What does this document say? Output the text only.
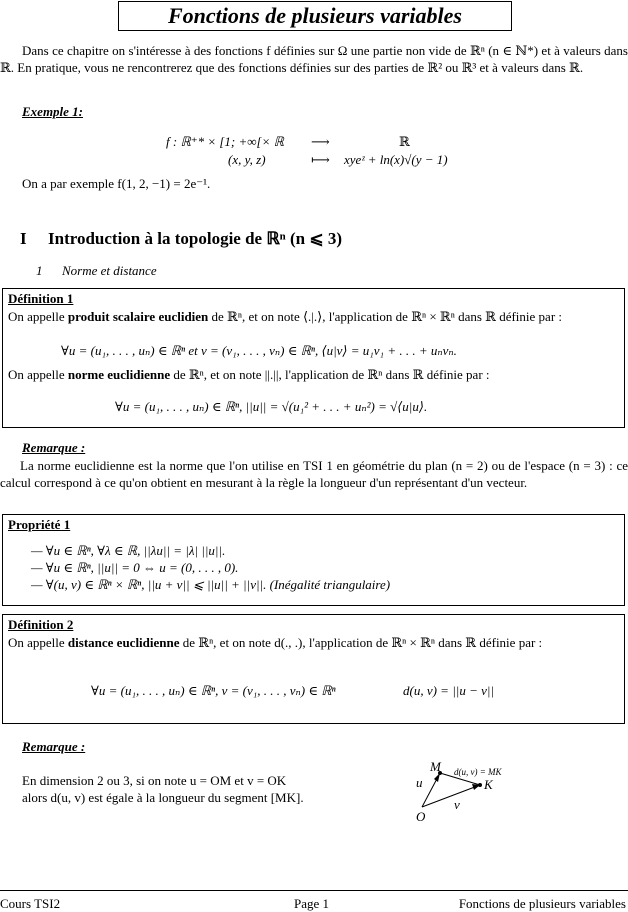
Fonctions de plusieurs variables
Dans ce chapitre on s'intéresse à des fonctions f définies sur Ω une partie non vide de ℝⁿ (n ∈ ℕ*) et à valeurs dans ℝ. En pratique, vous ne rencontrerez que des fonctions définies sur des parties de ℝ² ou ℝ³ et à valeurs dans ℝ.
Exemple 1:
f : ℝ⁺* × [1; +∞[× ℝ ⟶	ℝ
(x, y, z)	⟼ xyeᶻ + ln(x)√(y − 1)
On a par exemple f(1, 2, −1) = 2e⁻¹.
I Introduction à la topologie de ℝⁿ (n ⩽ 3)
1 Norme et distance
Définition 1
On appelle produit scalaire euclidien de ℝⁿ, et on note ⟨.|.⟩, l'application de ℝⁿ × ℝⁿ dans ℝ définie par :
∀u = (u₁, . . . , uₙ) ∈ ℝⁿ et v = (v₁, . . . , vₙ) ∈ ℝⁿ, ⟨u|v⟩ = u₁v₁ + . . . + uₙvₙ.
On appelle norme euclidienne de ℝⁿ, et on note ||.||, l'application de ℝⁿ dans ℝ définie par :
∀u = (u₁, . . . , uₙ) ∈ ℝⁿ, ||u|| = √(u₁² + . . . + uₙ²) = √⟨u|u⟩.
Remarque :
La norme euclidienne est la norme que l'on utilise en TSI 1 en géométrie du plan (n = 2) ou de l'espace (n = 3) : ce calcul correspond à ce qu'on obtient en mesurant à la règle la longueur d'un représentant d'un vecteur.
Propriété 1
— ∀u ∈ ℝⁿ, ∀λ ∈ ℝ, ||λu|| = |λ| ||u||.
— ∀u ∈ ℝⁿ, ||u|| = 0 ⇔ u = (0, . . . , 0).
— ∀(u, v) ∈ ℝⁿ × ℝⁿ, ||u + v|| ⩽ ||u|| + ||v||. (Inégalité triangulaire)
Définition 2
On appelle distance euclidienne de ℝⁿ, et on note d(., .), l'application de ℝⁿ × ℝⁿ dans ℝ définie par :
∀u = (u₁, . . . , uₙ) ∈ ℝⁿ, v = (v₁, . . . , vₙ) ∈ ℝⁿ	d(u, v) = ||u − v||
Remarque :
En dimension 2 ou 3, si on note u = OM et v = OK
alors d(u, v) est égale à la longueur du segment [MK].
M
K
O
u
v
d(u, v) = MK
Cours TSI2	Page 1	Fonctions de plusieurs variables
